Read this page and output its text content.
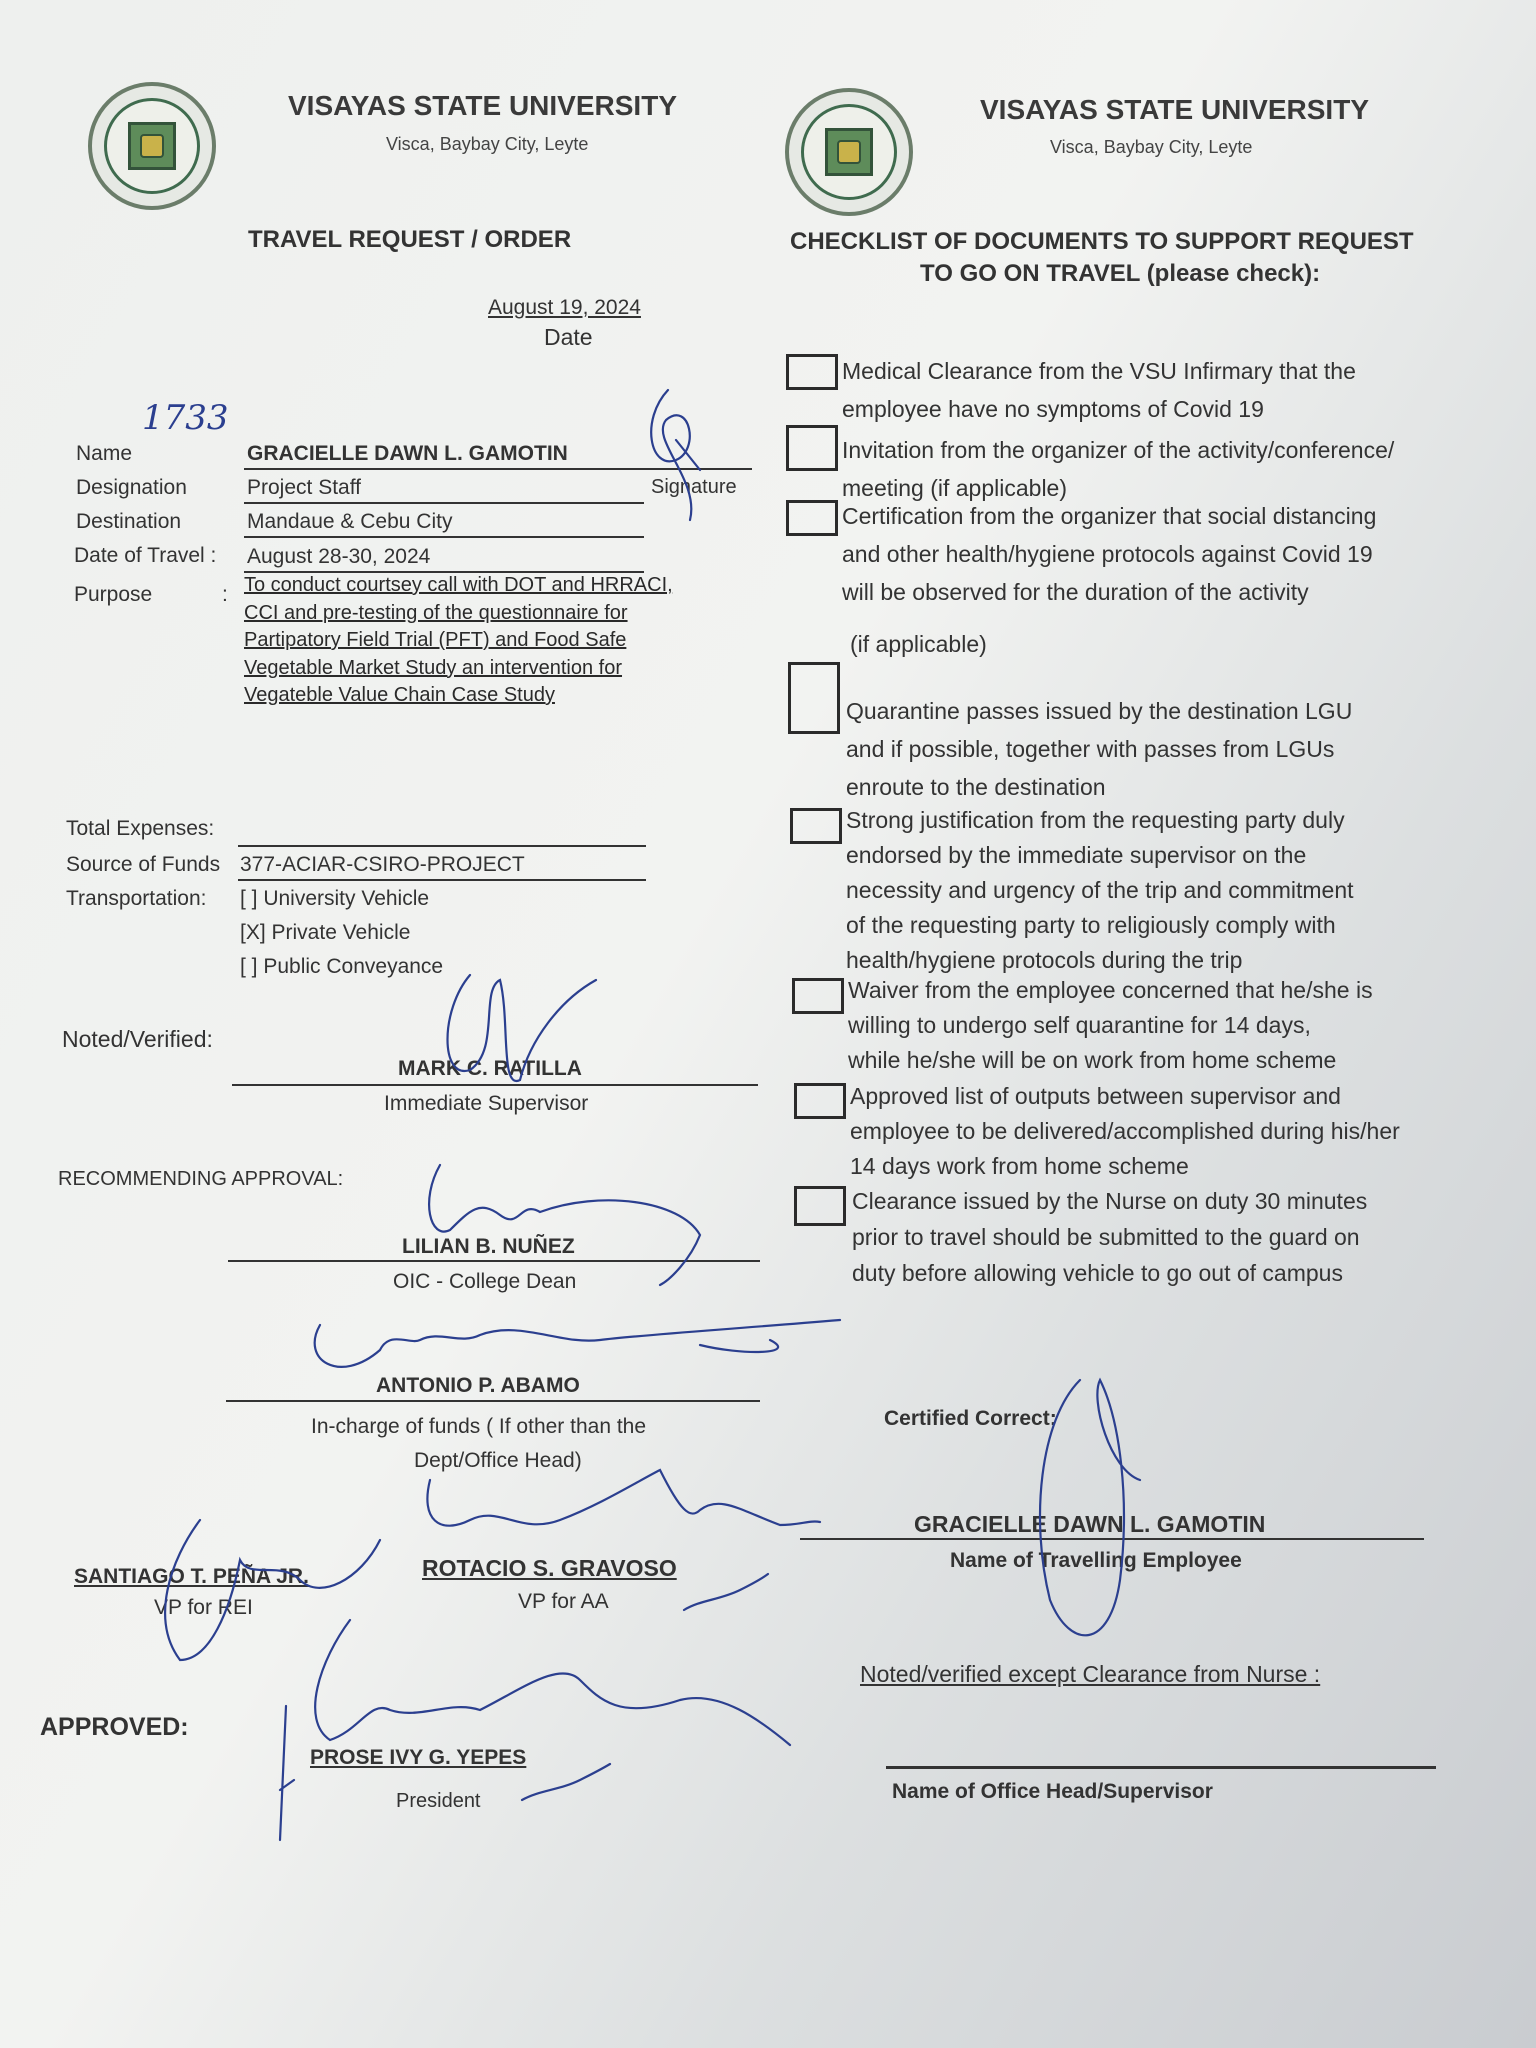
VISAYAS STATE UNIVERSITY
Visca, Baybay City, Leyte
TRAVEL REQUEST / ORDER
VISAYAS STATE UNIVERSITY
Visca, Baybay City, Leyte
CHECKLIST OF DOCUMENTS TO SUPPORT REQUEST
TO GO ON TRAVEL (please check):
August 19, 2024
Date
1733
Name	GRACIELLE DAWN L. GAMOTIN
Signature
Designation	Project Staff
Destination	Mandaue & Cebu City
Date of Travel : August 28-30, 2024
Purpose	: To conduct courtsey call with DOT and HRRACI,
CCI and pre-testing of the questionnaire for
Partipatory Field Trial (PFT) and Food Safe
Vegetable Market Study an intervention for
Vegateble Value Chain Case Study
Total Expenses:
Source of Funds 377-ACIAR-CSIRO-PROJECT
Transportation: [ ] University Vehicle
[X] Private Vehicle
[ ] Public Conveyance
Noted/Verified:
MARK C. RATILLA
Immediate Supervisor
RECOMMENDING APPROVAL:
LILIAN B. NUÑEZ
OIC - College Dean
ANTONIO P. ABAMO
In-charge of funds ( If other than the
Dept/Office Head)
SANTIAGO T. PEÑA JR.
VP for REI
ROTACIO S. GRAVOSO
VP for AA
APPROVED:
PROSE IVY G. YEPES
President
Medical Clearance from the VSU Infirmary that the
employee have no symptoms of Covid 19
Invitation from the organizer of the activity/conference/
meeting (if applicable)
Certification from the organizer that social distancing
and other health/hygiene protocols against Covid 19
will be observed for the duration of the activity
(if applicable)
Quarantine passes issued by the destination LGU
and if possible, together with passes from LGUs
enroute to the destination
Strong justification from the requesting party duly
endorsed by the immediate supervisor on the
necessity and urgency of the trip and commitment
of the requesting party to religiously comply with
health/hygiene protocols during the trip
Waiver from the employee concerned that he/she is
willing to undergo self quarantine for 14 days,
while he/she will be on work from home scheme
Approved list of outputs between supervisor and
employee to be delivered/accomplished during his/her
14 days work from home scheme
Clearance issued by the Nurse on duty 30 minutes
prior to travel should be submitted to the guard on
duty before allowing vehicle to go out of campus
Certified Correct:
GRACIELLE DAWN L. GAMOTIN
Name of Travelling Employee
Noted/verified except Clearance from Nurse :
Name of Office Head/Supervisor
